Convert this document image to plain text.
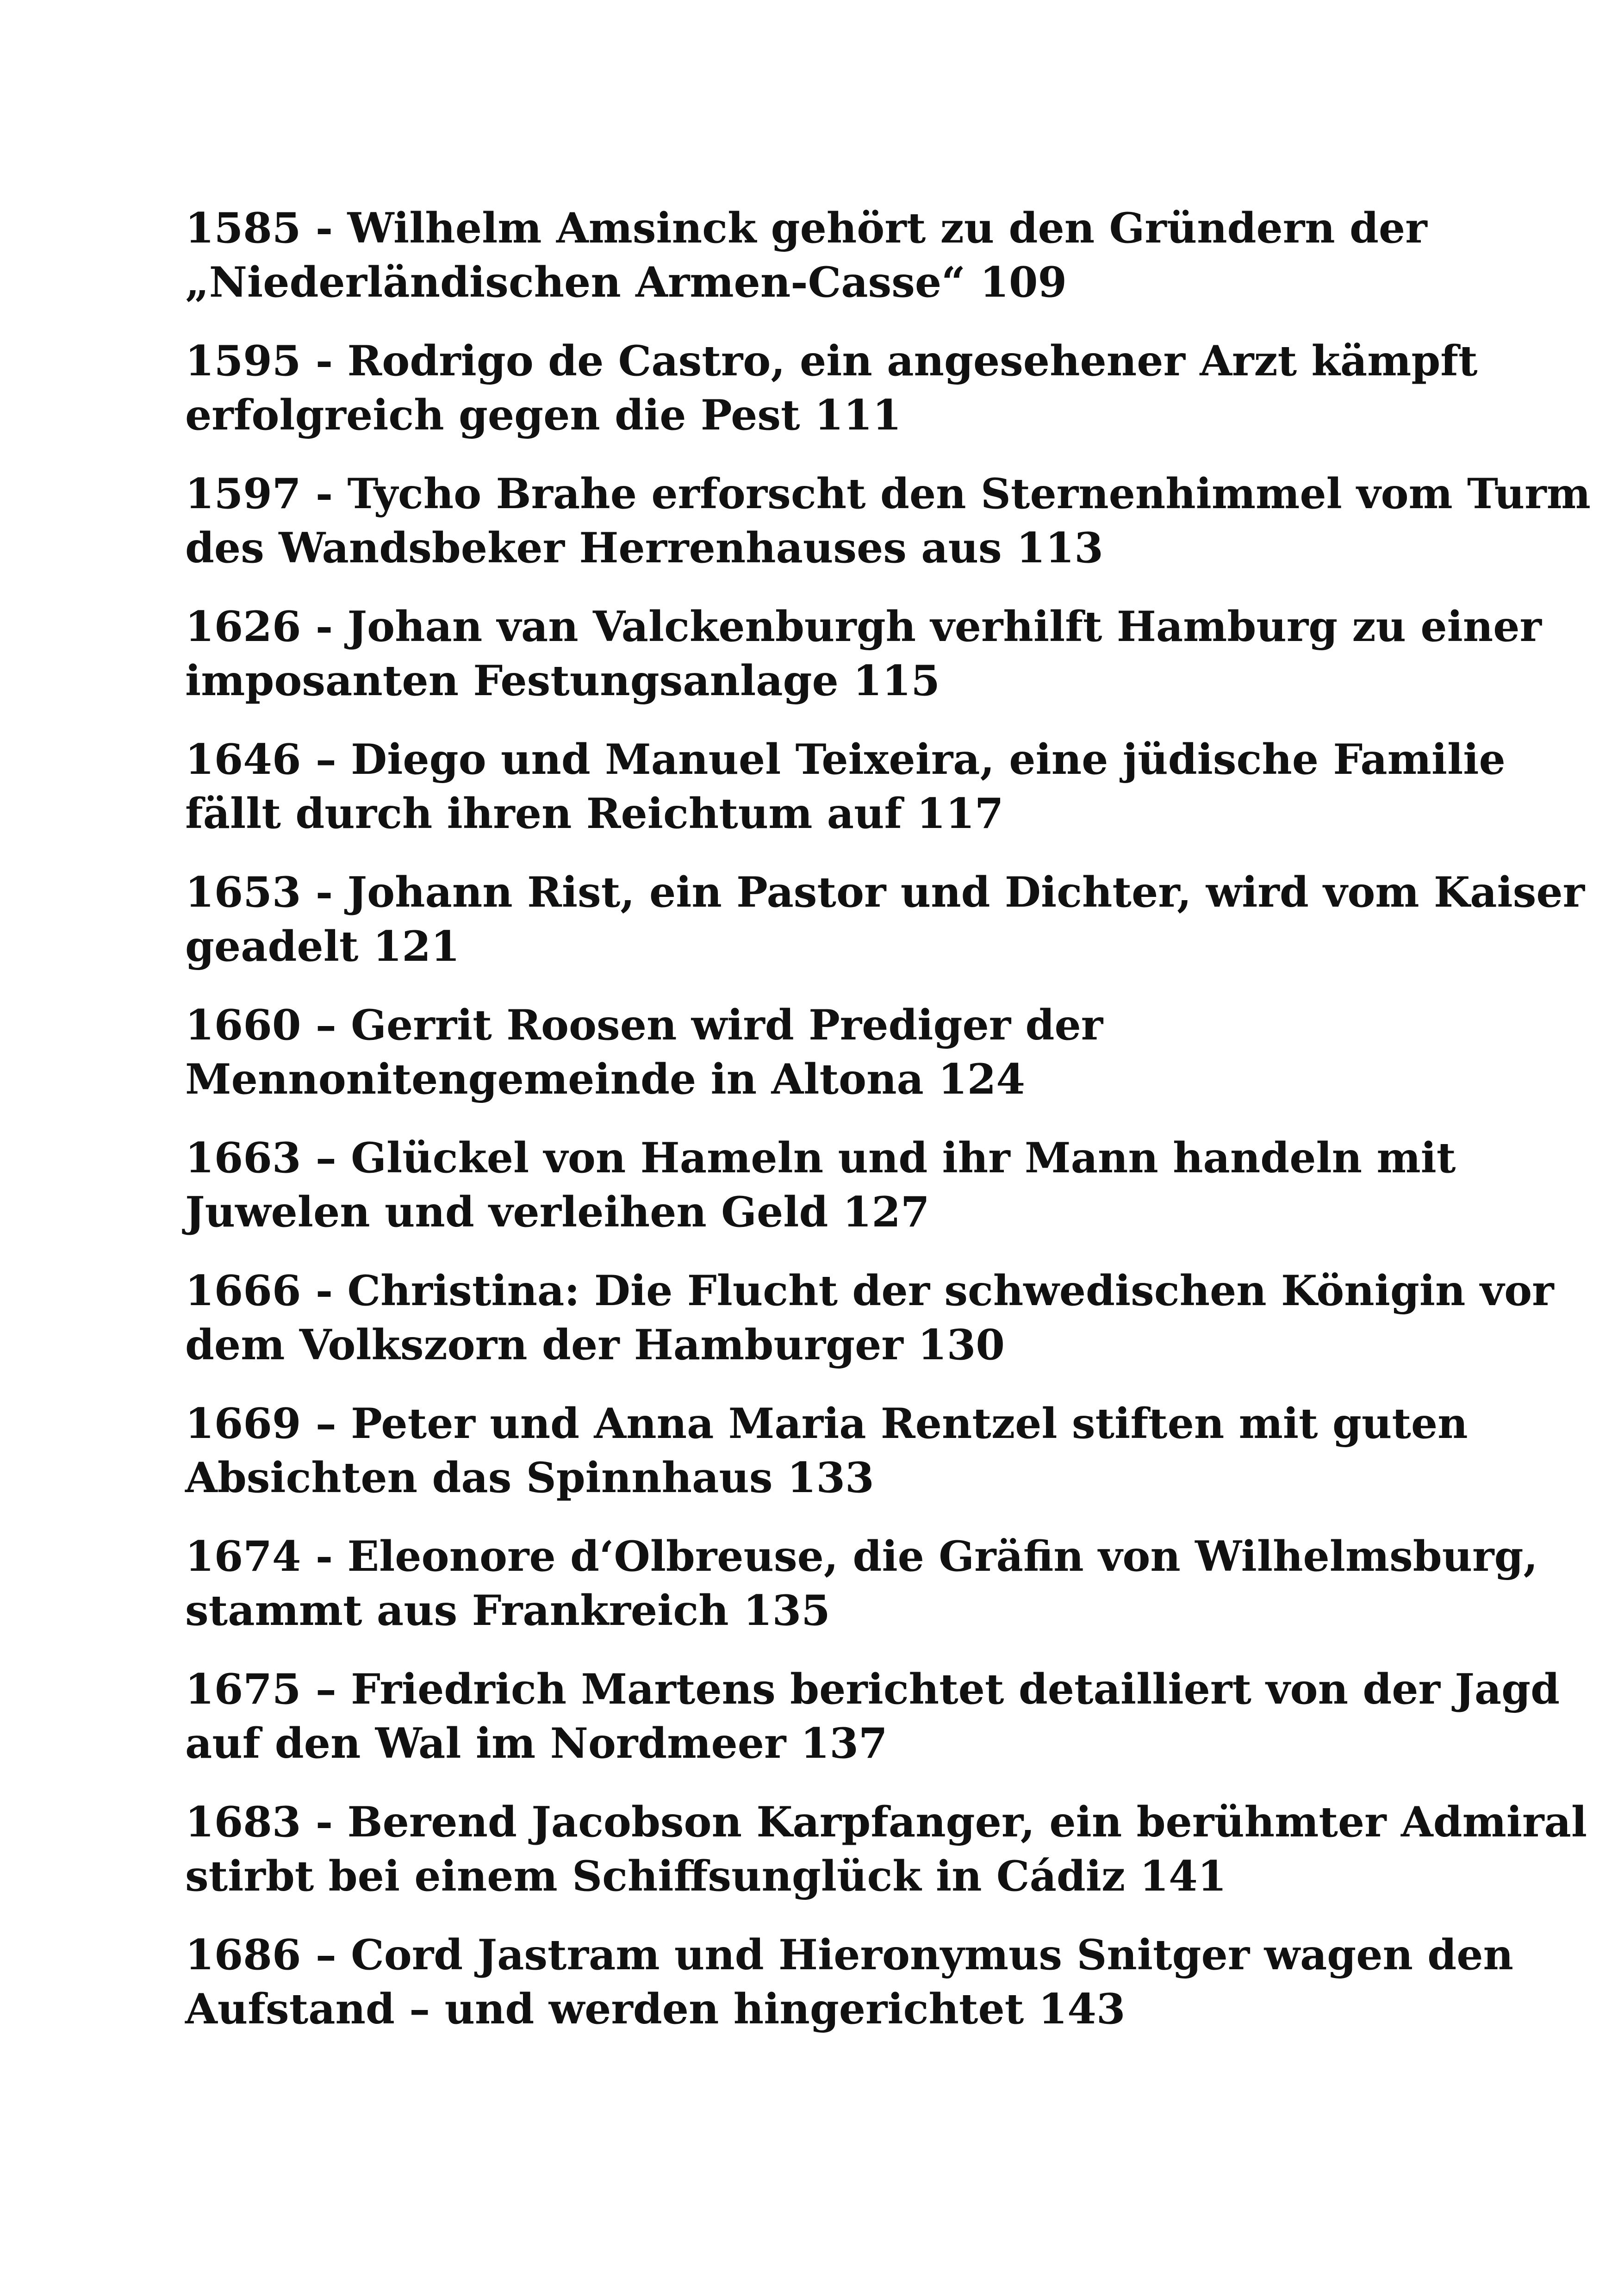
1585 - Wilhelm Amsinck gehört zu den Gründern der
„Niederländischen Armen-Casse“ 109
1595 - Rodrigo de Castro, ein angesehener Arzt kämpft
erfolgreich gegen die Pest 111
1597 - Tycho Brahe erforscht den Sternenhimmel vom Turm
des Wandsbeker Herrenhauses aus 113
1626 - Johan van Valckenburgh verhilft Hamburg zu einer
imposanten Festungsanlage 115
1646 – Diego und Manuel Teixeira, eine jüdische Familie
fällt durch ihren Reichtum auf 117
1653 - Johann Rist, ein Pastor und Dichter, wird vom Kaiser
geadelt 121
1660 – Gerrit Roosen wird Prediger der
Mennonitengemeinde in Altona 124
1663 – Glückel von Hameln und ihr Mann handeln mit
Juwelen und verleihen Geld 127
1666 - Christina: Die Flucht der schwedischen Königin vor
dem Volkszorn der Hamburger 130
1669 – Peter und Anna Maria Rentzel stiften mit guten
Absichten das Spinnhaus 133
1674 - Eleonore d‘Olbreuse, die Gräfin von Wilhelmsburg,
stammt aus Frankreich 135
1675 – Friedrich Martens berichtet detailliert von der Jagd
auf den Wal im Nordmeer 137
1683 - Berend Jacobson Karpfanger, ein berühmter Admiral
stirbt bei einem Schiffsunglück in Cádiz 141
1686 – Cord Jastram und Hieronymus Snitger wagen den
Aufstand – und werden hingerichtet 143
